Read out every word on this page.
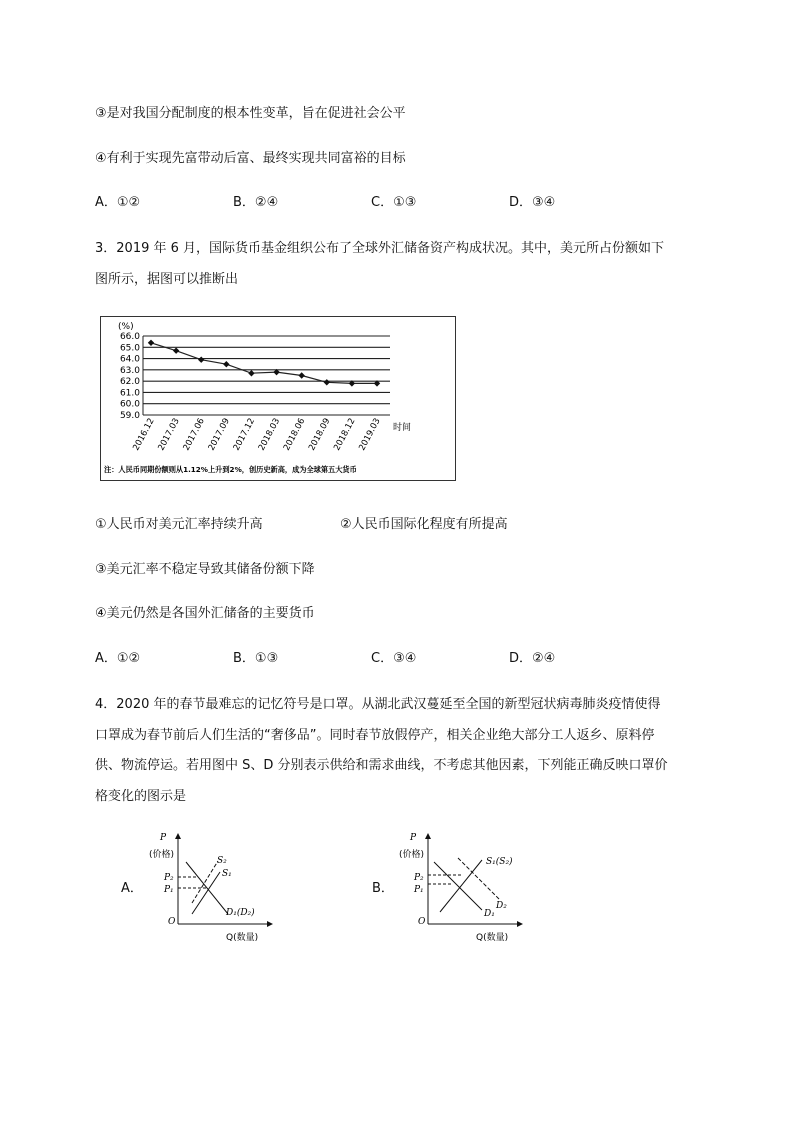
③是对我国分配制度的根本性变革，旨在促进社会公平
④有利于实现先富带动后富、最终实现共同富裕的目标
A．①②	B．②④	C．①③	D．③④
3．2019 年 6 月，国际货币基金组织公布了全球外汇储备资产构成状况。其中，美元所占份额如下
图所示，据图可以推断出
(%)
66.0
65.0
64.0
63.0
62.0
61.0
60.0
59.0
2016.12 2017.03 2017.06 2017.09 2017.12 2018.03 2018.06 2018.09 2018.12 2019.03 时间
注：人民币同期份额则从1.12%上升到2%，创历史新高，成为全球第五大货币
①人民币对美元汇率持续升高	②人民币国际化程度有所提高
③美元汇率不稳定导致其储备份额下降
④美元仍然是各国外汇储备的主要货币
A．①②	B．①③	C．③④	D．②④
4．2020 年的春节最难忘的记忆符号是口罩。从湖北武汉蔓延至全国的新型冠状病毒肺炎疫情使得
口罩成为春节前后人们生活的“奢侈品”。同时春节放假停产，相关企业绝大部分工人返乡、原料停
供、物流停运。若用图中 S、D 分别表示供给和需求曲线，不考虑其他因素，下列能正确反映口罩价
格变化的图示是
A．
P
(价格)
P₂
P₁
O
Q(数量)
S₂
S₁
D₁(D₂)
B．
P
(价格)
P₂
P₁
O
Q(数量)
S₁(S₂)
D₂
D₁
